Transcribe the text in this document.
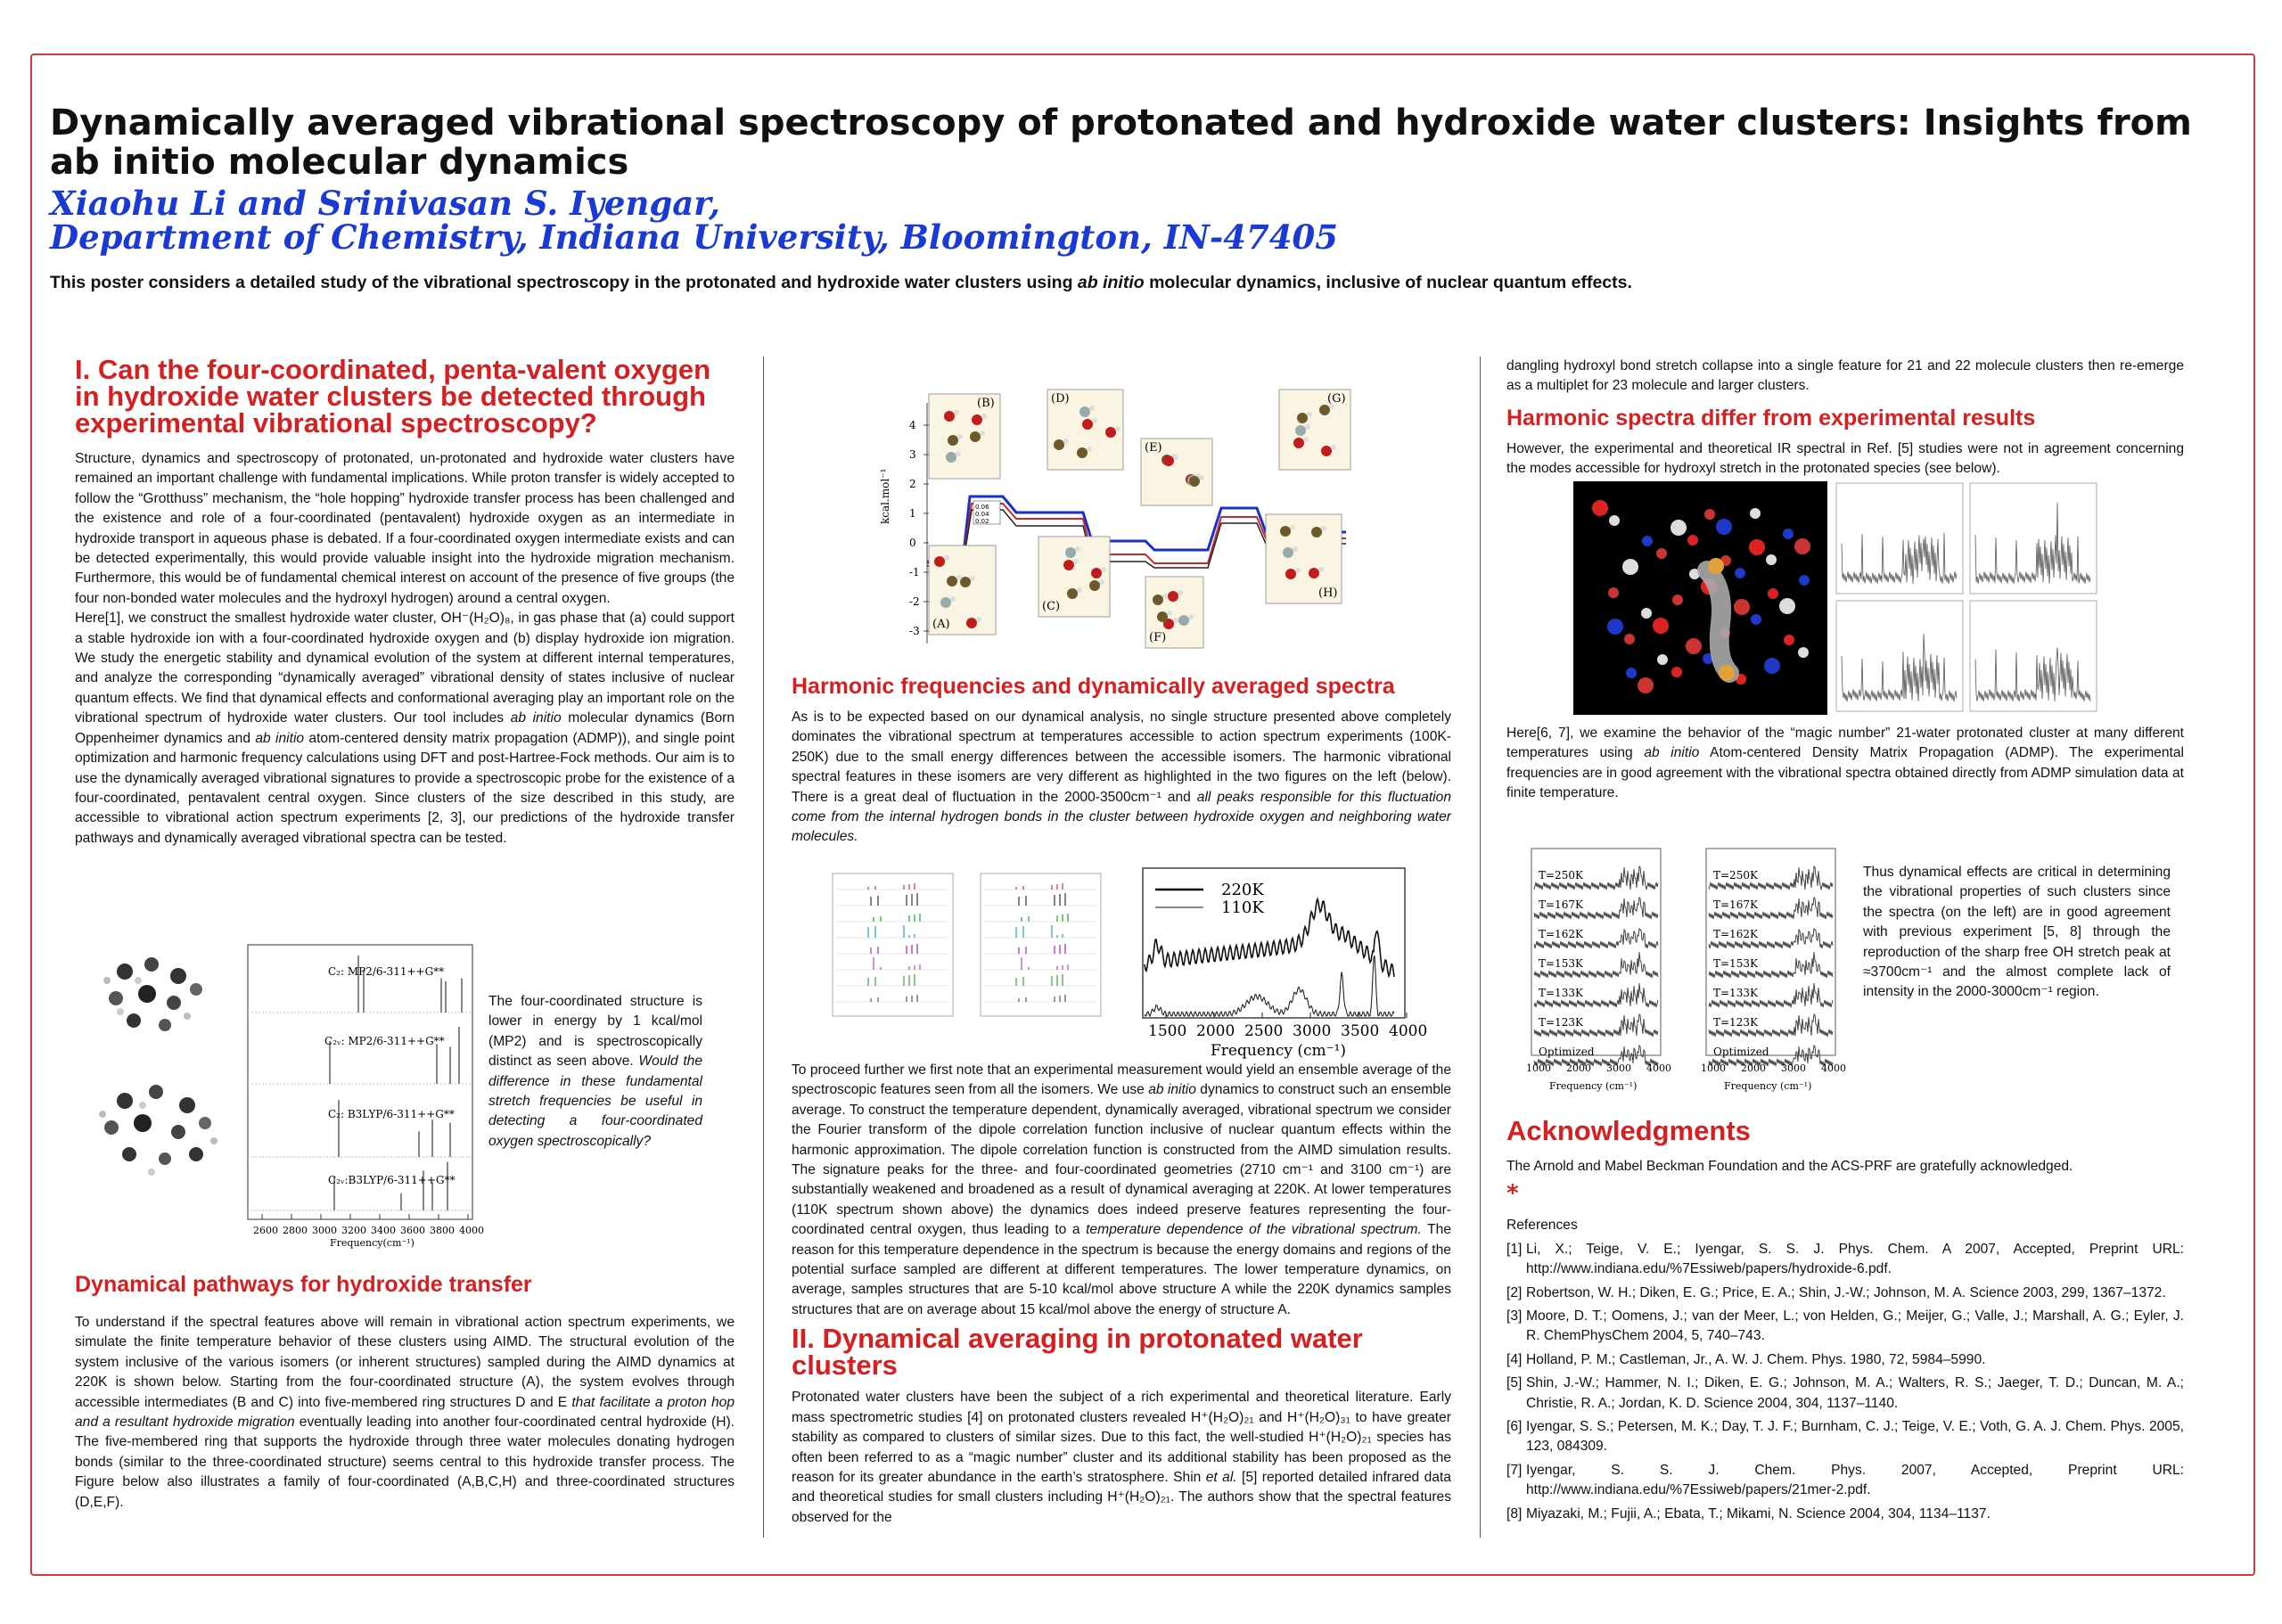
Dynamically averaged vibrational spectroscopy of protonated and hydroxide water clusters: Insights from ab initio molecular dynamics
Xiaohu Li and Srinivasan S. Iyengar,
Department of Chemistry, Indiana University, Bloomington, IN-47405
This poster considers a detailed study of the vibrational spectroscopy in the protonated and hydroxide water clusters using ab initio molecular dynamics, inclusive of nuclear quantum effects.
I. Can the four-coordinated, penta-valent oxygen in hydroxide water clusters be detected through experimental vibrational spectroscopy?

Structure, dynamics and spectroscopy of protonated, un-protonated and hydroxide water clusters have remained an important challenge with fundamental implications. While proton transfer is widely accepted to follow the “Grotthuss” mechanism, the “hole hopping” hydroxide transfer process has been challenged and the existence and role of a four-coordinated (pentavalent) hydroxide oxygen as an intermediate in hydroxide transport in aqueous phase is debated. If a four-coordinated oxygen intermediate exists and can be detected experimentally, this would provide valuable insight into the hydroxide migration mechanism. Furthermore, this would be of fundamental chemical interest on account of the presence of five groups (the four non-bonded water molecules and the hydroxyl hydrogen) around a central oxygen.

Here[1], we construct the smallest hydroxide water cluster, OH⁻(H₂O)₈, in gas phase that (a) could support a stable hydroxide ion with a four-coordinated hydroxide oxygen and (b) display hydroxide ion migration. We study the energetic stability and dynamical evolution of the system at different internal temperatures, and analyze the corresponding “dynamically averaged” vibrational density of states inclusive of nuclear quantum effects. We find that dynamical effects and conformational averaging play an important role on the vibrational spectrum of hydroxide water clusters. Our tool includes ab initio molecular dynamics (Born Oppenheimer dynamics and ab initio atom-centered density matrix propagation (ADMP)), and single point optimization and harmonic frequency calculations using DFT and post-Hartree-Fock methods. Our aim is to use the dynamically averaged vibrational signatures to provide a spectroscopic probe for the existence of a four-coordinated, pentavalent central oxygen. Since clusters of the size described in this study, are accessible to vibrational action spectrum experiments [2, 3], our predictions of the hydroxide transfer pathways and dynamically averaged vibrational spectra can be tested.

C₂: MP2/6-311++G**
C₂ᵥ: MP2/6-311++G**
C₂: B3LYP/6-311++G**
C₂ᵥ:B3LYP/6-311++G**
2600 2800 3000 3200 3400 3600 3800 4000
Frequency(cm⁻¹)
The four-coordinated structure is lower in energy by 1 kcal/mol (MP2) and is spectroscopically distinct as seen above. Would the difference in these fundamental stretch frequencies be useful in detecting a four-coordinated oxygen spectroscopically?
Dynamical pathways for hydroxide transfer

To understand if the spectral features above will remain in vibrational action spectrum experiments, we simulate the finite temperature behavior of these clusters using AIMD. The structural evolution of the system inclusive of the various isomers (or inherent structures) sampled during the AIMD dynamics at 220K is shown below. Starting from the four-coordinated structure (A), the system evolves through accessible intermediates (B and C) into five-membered ring structures D and E that facilitate a proton hop and a resultant hydroxide migration eventually leading into another four-coordinated central hydroxide (H). The five-membered ring that supports the hydroxide through three water molecules donating hydrogen bonds (similar to the three-coordinated structure) seems central to this hydroxide transfer process. The Figure below also illustrates a family of four-coordinated (A,B,C,H) and three-coordinated structures (D,E,F).

kcal.mol⁻¹
4
3
2
1
0
-1
-2
-3
0.06
0.04
0.02
(A)
(B)
(C)
(D)
(E)
(F)
(G)
(H)
Harmonic frequencies and dynamically averaged spectra

As is to be expected based on our dynamical analysis, no single structure presented above completely dominates the vibrational spectrum at temperatures accessible to action spectrum experiments (100K-250K) due to the small energy differences between the accessible isomers. The harmonic vibrational spectral features in these isomers are very different as highlighted in the two figures on the left (below). There is a great deal of fluctuation in the 2000-3500cm⁻¹ and all peaks responsible for this fluctuation come from the internal hydrogen bonds in the cluster between hydroxide oxygen and neighboring water molecules.

220K
110K
1500 2000 2500 3000 3500 4000
Frequency (cm⁻¹)

To proceed further we first note that an experimental measurement would yield an ensemble average of the spectroscopic features seen from all the isomers. We use ab initio dynamics to construct such an ensemble average. To construct the temperature dependent, dynamically averaged, vibrational spectrum we consider the Fourier transform of the dipole correlation function inclusive of nuclear quantum effects within the harmonic approximation. The dipole correlation function is constructed from the AIMD simulation results. The signature peaks for the three- and four-coordinated geometries (2710 cm⁻¹ and 3100 cm⁻¹) are substantially weakened and broadened as a result of dynamical averaging at 220K. At lower temperatures (110K spectrum shown above) the dynamics does indeed preserve features representing the four-coordinated central oxygen, thus leading to a temperature dependence of the vibrational spectrum. The reason for this temperature dependence in the spectrum is because the energy domains and regions of the potential surface sampled are different at different temperatures. The lower temperature dynamics, on average, samples structures that are 5-10 kcal/mol above structure A while the 220K dynamics samples structures that are on average about 15 kcal/mol above the energy of structure A.

II. Dynamical averaging in protonated water clusters

Protonated water clusters have been the subject of a rich experimental and theoretical literature. Early mass spectrometric studies [4] on protonated clusters revealed H⁺(H₂O)₂₁ and H⁺(H₂O)₃₁ to have greater stability as compared to clusters of similar sizes. Due to this fact, the well-studied H⁺(H₂O)₂₁ species has often been referred to as a “magic number” cluster and its additional stability has been proposed as the reason for its greater abundance in the earth’s stratosphere. Shin et al. [5] reported detailed infrared data and theoretical studies for small clusters including H⁺(H₂O)₂₁. The authors show that the spectral features observed for the

dangling hydroxyl bond stretch collapse into a single feature for 21 and 22 molecule clusters then re-emerge as a multiplet for 23 molecule and larger clusters.

Harmonic spectra differ from experimental results

However, the experimental and theoretical IR spectral in Ref. [5] studies were not in agreement concerning the modes accessible for hydroxyl stretch in the protonated species (see below).

Here[6, 7], we examine the behavior of the “magic number” 21-water protonated cluster at many different temperatures using ab initio Atom-centered Density Matrix Propagation (ADMP). The experimental frequencies are in good agreement with the vibrational spectra obtained directly from ADMP simulation data at finite temperature.

T=250K
T=167K
T=162K
T=153K
T=133K
T=123K
Optimized
1000 2000 3000 4000
Frequency (cm⁻¹)
T=250K
T=167K
T=162K
T=153K
T=133K
T=123K
Optimized
1000 2000 3000 4000
Frequency (cm⁻¹)
Thus dynamical effects are critical in determining the vibrational properties of such clusters since the spectra (on the left) are in good agreement with previous experiment [5, 8] through the reproduction of the sharp free OH stretch peak at ≈3700cm⁻¹ and the almost complete lack of intensity in the 2000-3000cm⁻¹ region.
Acknowledgments

The Arnold and Mabel Beckman Foundation and the ACS-PRF are gratefully acknowledged.

*

References

[1] Li, X.; Teige, V. E.; Iyengar, S. S. J. Phys. Chem. A 2007, Accepted, Preprint URL: http://www.indiana.edu/%7Essiweb/papers/hydroxide-6.pdf.
[2] Robertson, W. H.; Diken, E. G.; Price, E. A.; Shin, J.-W.; Johnson, M. A. Science 2003, 299, 1367–1372.
[3] Moore, D. T.; Oomens, J.; van der Meer, L.; von Helden, G.; Meijer, G.; Valle, J.; Marshall, A. G.; Eyler, J. R. ChemPhysChem 2004, 5, 740–743.
[4] Holland, P. M.; Castleman, Jr., A. W. J. Chem. Phys. 1980, 72, 5984–5990.
[5] Shin, J.-W.; Hammer, N. I.; Diken, E. G.; Johnson, M. A.; Walters, R. S.; Jaeger, T. D.; Duncan, M. A.; Christie, R. A.; Jordan, K. D. Science 2004, 304, 1137–1140.
[6] Iyengar, S. S.; Petersen, M. K.; Day, T. J. F.; Burnham, C. J.; Teige, V. E.; Voth, G. A. J. Chem. Phys. 2005, 123, 084309.
[7] Iyengar, S. S. J. Chem. Phys. 2007, Accepted, Preprint URL: http://www.indiana.edu/%7Essiweb/papers/21mer-2.pdf.
[8] Miyazaki, M.; Fujii, A.; Ebata, T.; Mikami, N. Science 2004, 304, 1134–1137.
